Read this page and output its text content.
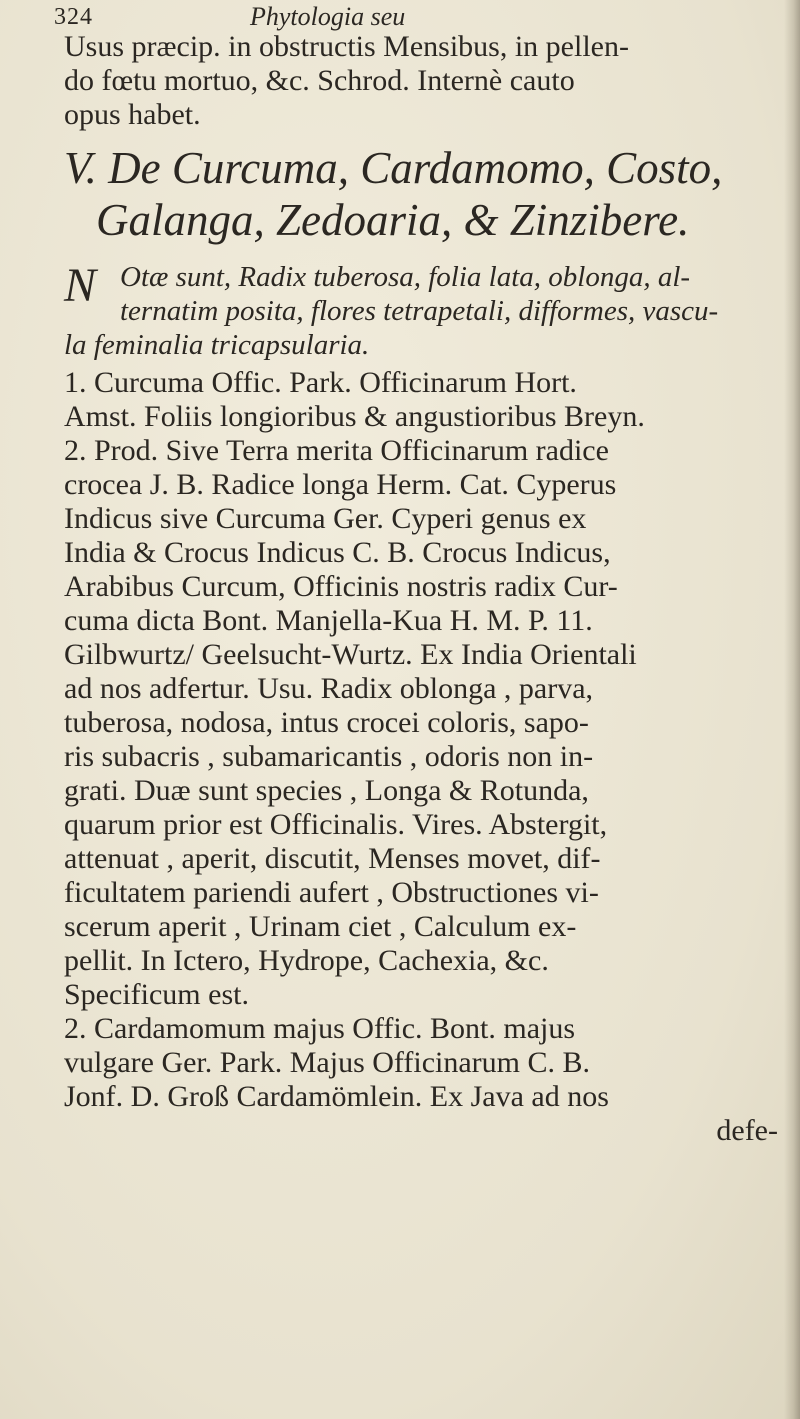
324	Phytologia seu
Usus præcip. in obstructis Mensibus, in pellen-
do fœtu mortuo, &c. Schrod. Internè cauto
opus habet.
V. De Curcuma, Cardamomo, Costo,
Galanga, Zedoaria, & Zinzibere.
N Otæ sunt, Radix tuberosa, folia lata, oblonga, al-
ternatim posita, flores tetrapetali, difformes, vascu-
la feminalia tricapsularia.
1. Curcuma Offic. Park. Officinarum Hort.
Amst. Foliis longioribus & angustioribus Breyn.
2. Prod. Sive Terra merita Officinarum radice
crocea J. B. Radice longa Herm. Cat. Cyperus
Indicus sive Curcuma Ger. Cyperi genus ex
India & Crocus Indicus C. B. Crocus Indicus,
Arabibus Curcum, Officinis nostris radix Cur-
cuma dicta Bont. Manjella-Kua H. M. P. 11.
Gilbwurtz/ Geelsucht-Wurtz. Ex India Orientali
ad nos adfertur. Usu. Radix oblonga , parva,
tuberosa, nodosa, intus crocei coloris, sapo-
ris subacris , subamaricantis , odoris non in-
grati. Duæ sunt species , Longa & Rotunda,
quarum prior est Officinalis. Vires. Abstergit,
attenuat , aperit, discutit, Menses movet, dif-
ficultatem pariendi aufert , Obstructiones vi-
scerum aperit , Urinam ciet , Calculum ex-
pellit. In Ictero, Hydrope, Cachexia, &c.
Specificum est.
2. Cardamomum majus Offic. Bont. majus
vulgare Ger. Park. Majus Officinarum C. B.
Jonf. D. Groß Cardamömlein. Ex Java ad nos
defe-
